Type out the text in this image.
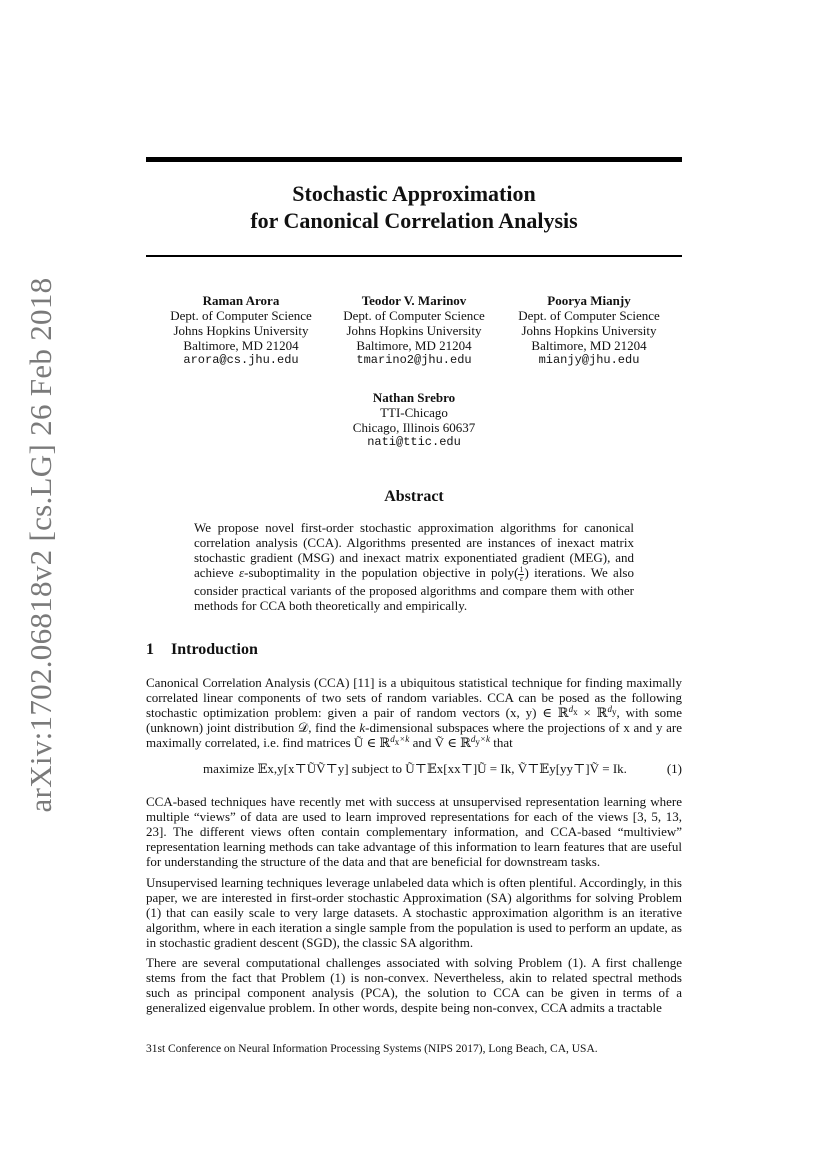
arXiv:1702.06818v2 [cs.LG] 26 Feb 2018
Stochastic Approximation
for Canonical Correlation Analysis
Raman Arora
Dept. of Computer Science
Johns Hopkins University
Baltimore, MD 21204
arora@cs.jhu.edu
Teodor V. Marinov
Dept. of Computer Science
Johns Hopkins University
Baltimore, MD 21204
tmarino2@jhu.edu
Poorya Mianjy
Dept. of Computer Science
Johns Hopkins University
Baltimore, MD 21204
mianjy@jhu.edu
Nathan Srebro
TTI-Chicago
Chicago, Illinois 60637
nati@ttic.edu
Abstract
We propose novel first-order stochastic approximation algorithms for canonical correlation analysis (CCA). Algorithms presented are instances of inexact matrix stochastic gradient (MSG) and inexact matrix exponentiated gradient (MEG), and achieve ε-suboptimality in the population objective in poly( $\frac{1}{\varepsilon}$ ) iterations. We also consider practical variants of the proposed algorithms and compare them with other methods for CCA both theoretically and empirically.
1 Introduction
Canonical Correlation Analysis (CCA) [11] is a ubiquitous statistical technique for finding maximally correlated linear components of two sets of random variables. CCA can be posed as the following stochastic optimization problem: given a pair of random vectors (x, y) ∈ ℝ$^{d_x}$ × ℝ$^{d_y}$, with some (unknown) joint distribution 𝒟, find the k-dimensional subspaces where the projections of x and y are maximally correlated, i.e. find matrices Ũ ∈ ℝ$^{d_x\times k}$ and Ṽ ∈ ℝ$^{d_y\times k}$ that
maximize 𝔼x,y[x⊤ŨṼ⊤y] subject to Ũ⊤𝔼x[xx⊤]Ũ = Ik, Ṽ⊤𝔼y[yy⊤]Ṽ = Ik.	(1)

CCA-based techniques have recently met with success at unsupervised representation learning where multiple “views” of data are used to learn improved representations for each of the views [3, 5, 13, 23]. The different views often contain complementary information, and CCA-based “multiview” representation learning methods can take advantage of this information to learn features that are useful for understanding the structure of the data and that are beneficial for downstream tasks.

Unsupervised learning techniques leverage unlabeled data which is often plentiful. Accordingly, in this paper, we are interested in first-order stochastic Approximation (SA) algorithms for solving Problem (1) that can easily scale to very large datasets. A stochastic approximation algorithm is an iterative algorithm, where in each iteration a single sample from the population is used to perform an update, as in stochastic gradient descent (SGD), the classic SA algorithm.

There are several computational challenges associated with solving Problem (1). A first challenge stems from the fact that Problem (1) is non-convex. Nevertheless, akin to related spectral methods such as principal component analysis (PCA), the solution to CCA can be given in terms of a generalized eigenvalue problem. In other words, despite being non-convex, CCA admits a tractable

31st Conference on Neural Information Processing Systems (NIPS 2017), Long Beach, CA, USA.
